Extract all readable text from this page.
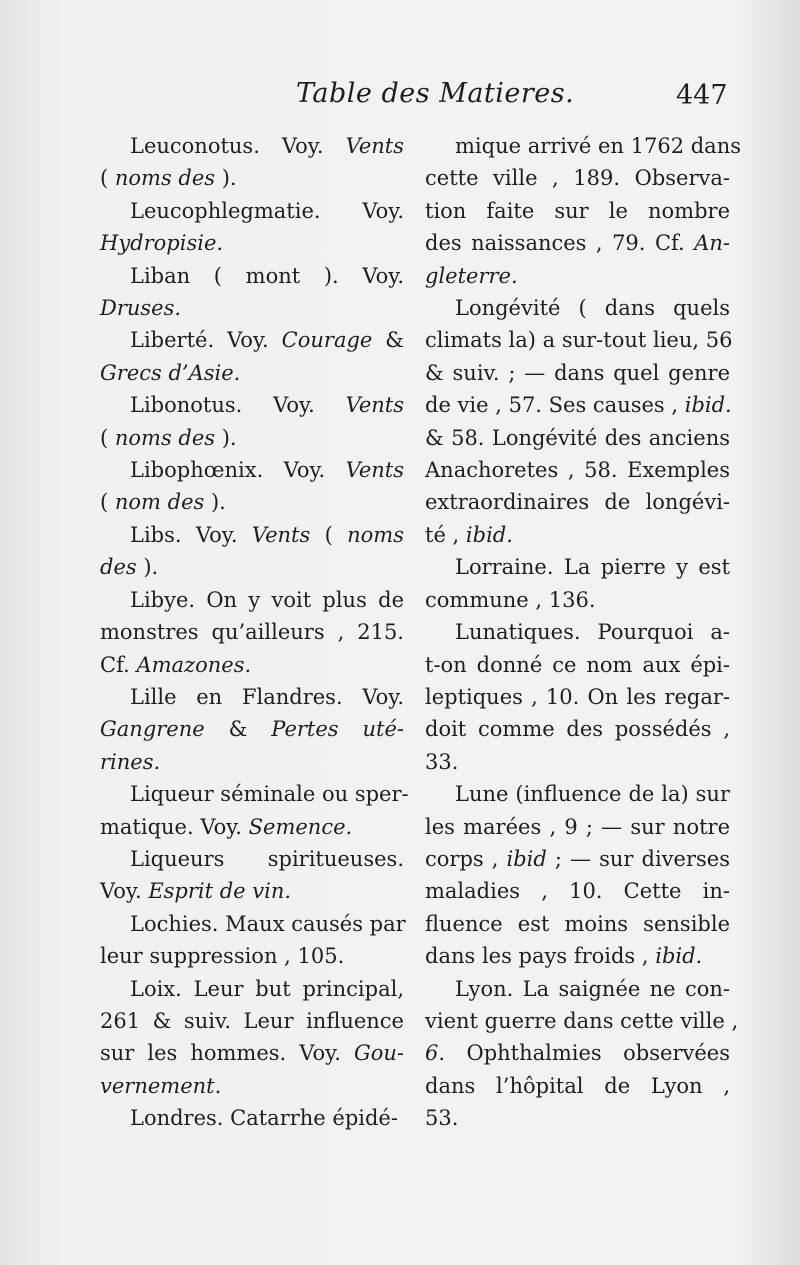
Table des Matieres.	447

Leuconotus. Voy. Vents
( noms des ).

Leucophlegmatie. Voy.
Hydropisie.

Liban ( mont ). Voy.
Druses.

Liberté. Voy. Courage &
Grecs d’Asie.

Libonotus. Voy. Vents
( noms des ).

Libophœnix. Voy. Vents
( nom des ).

Libs. Voy. Vents ( noms
des ).

Libye. On y voit plus de
monstres qu’ailleurs , 215.
Cf. Amazones.

Lille en Flandres. Voy.
Gangrene & Pertes uté-
rines.

Liqueur séminale ou sper-
matique. Voy. Semence.

Liqueurs spiritueuses.
Voy. Esprit de vin.

Lochies. Maux causés par
leur suppression , 105.

Loix. Leur but principal,
261 & suiv. Leur influence
sur les hommes. Voy. Gou-
vernement.

Londres. Catarrhe épidé-

mique arrivé en 1762 dans
cette ville , 189. Observa-
tion faite sur le nombre
des naissances , 79. Cf. An-
gleterre.

Longévité ( dans quels
climats la) a sur-tout lieu, 56
& suiv. ; — dans quel genre
de vie , 57. Ses causes , ibid.
& 58. Longévité des anciens
Anachoretes , 58. Exemples
extraordinaires de longévi-
té , ibid.

Lorraine. La pierre y est
commune , 136.

Lunatiques. Pourquoi a-
t-on donné ce nom aux épi-
leptiques , 10. On les regar-
doit comme des possédés ,
33.

Lune (influence de la) sur
les marées , 9 ; — sur notre
corps , ibid ; — sur diverses
maladies , 10. Cette in-
fluence est moins sensible
dans les pays froids , ibid.

Lyon. La saignée ne con-
vient guerre dans cette ville ,
6. Ophthalmies observées
dans l’hôpital de Lyon ,
53.
